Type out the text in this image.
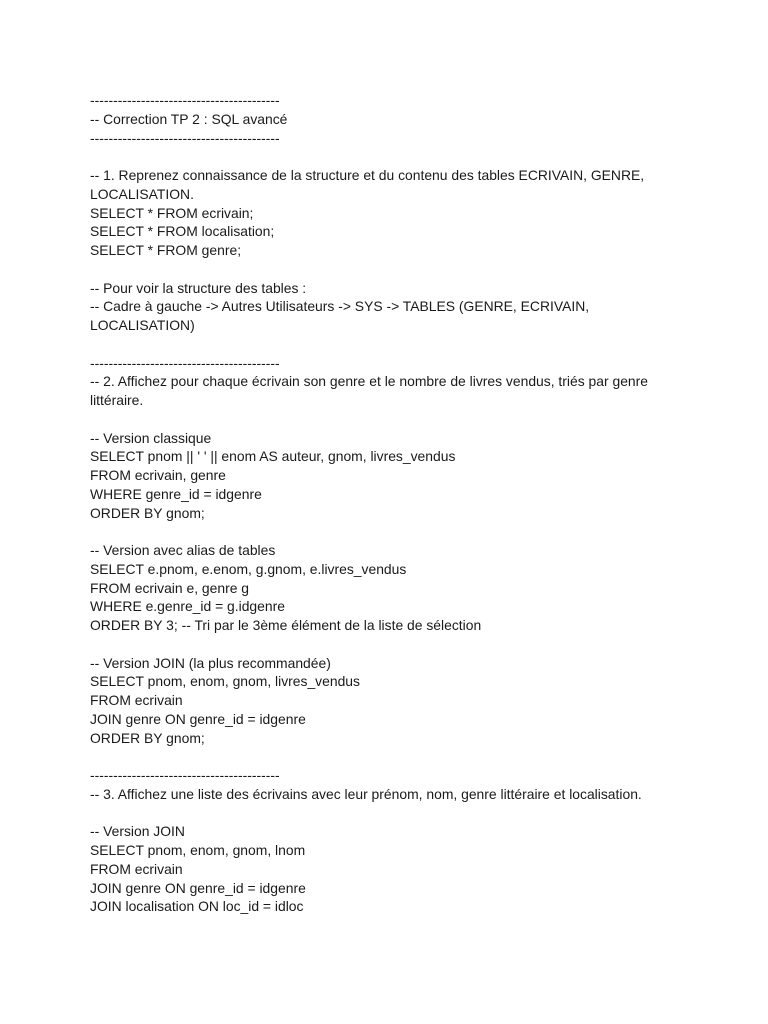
-----------------------------------------
-- Correction TP 2 : SQL avancé
-----------------------------------------
-- 1. Reprenez connaissance de la structure et du contenu des tables ECRIVAIN, GENRE,
LOCALISATION.
SELECT * FROM ecrivain;
SELECT * FROM localisation;
SELECT * FROM genre;
-- Pour voir la structure des tables :
-- Cadre à gauche -> Autres Utilisateurs -> SYS -> TABLES (GENRE, ECRIVAIN,
LOCALISATION)
-----------------------------------------
-- 2. Affichez pour chaque écrivain son genre et le nombre de livres vendus, triés par genre
littéraire.
-- Version classique
SELECT pnom || ' ' || enom AS auteur, gnom, livres_vendus
FROM ecrivain, genre
WHERE genre_id = idgenre
ORDER BY gnom;
-- Version avec alias de tables
SELECT e.pnom, e.enom, g.gnom, e.livres_vendus
FROM ecrivain e, genre g
WHERE e.genre_id = g.idgenre
ORDER BY 3; -- Tri par le 3ème élément de la liste de sélection
-- Version JOIN (la plus recommandée)
SELECT pnom, enom, gnom, livres_vendus
FROM ecrivain
JOIN genre ON genre_id = idgenre
ORDER BY gnom;
-----------------------------------------
-- 3. Affichez une liste des écrivains avec leur prénom, nom, genre littéraire et localisation.
-- Version JOIN
SELECT pnom, enom, gnom, lnom
FROM ecrivain
JOIN genre ON genre_id = idgenre
JOIN localisation ON loc_id = idloc
